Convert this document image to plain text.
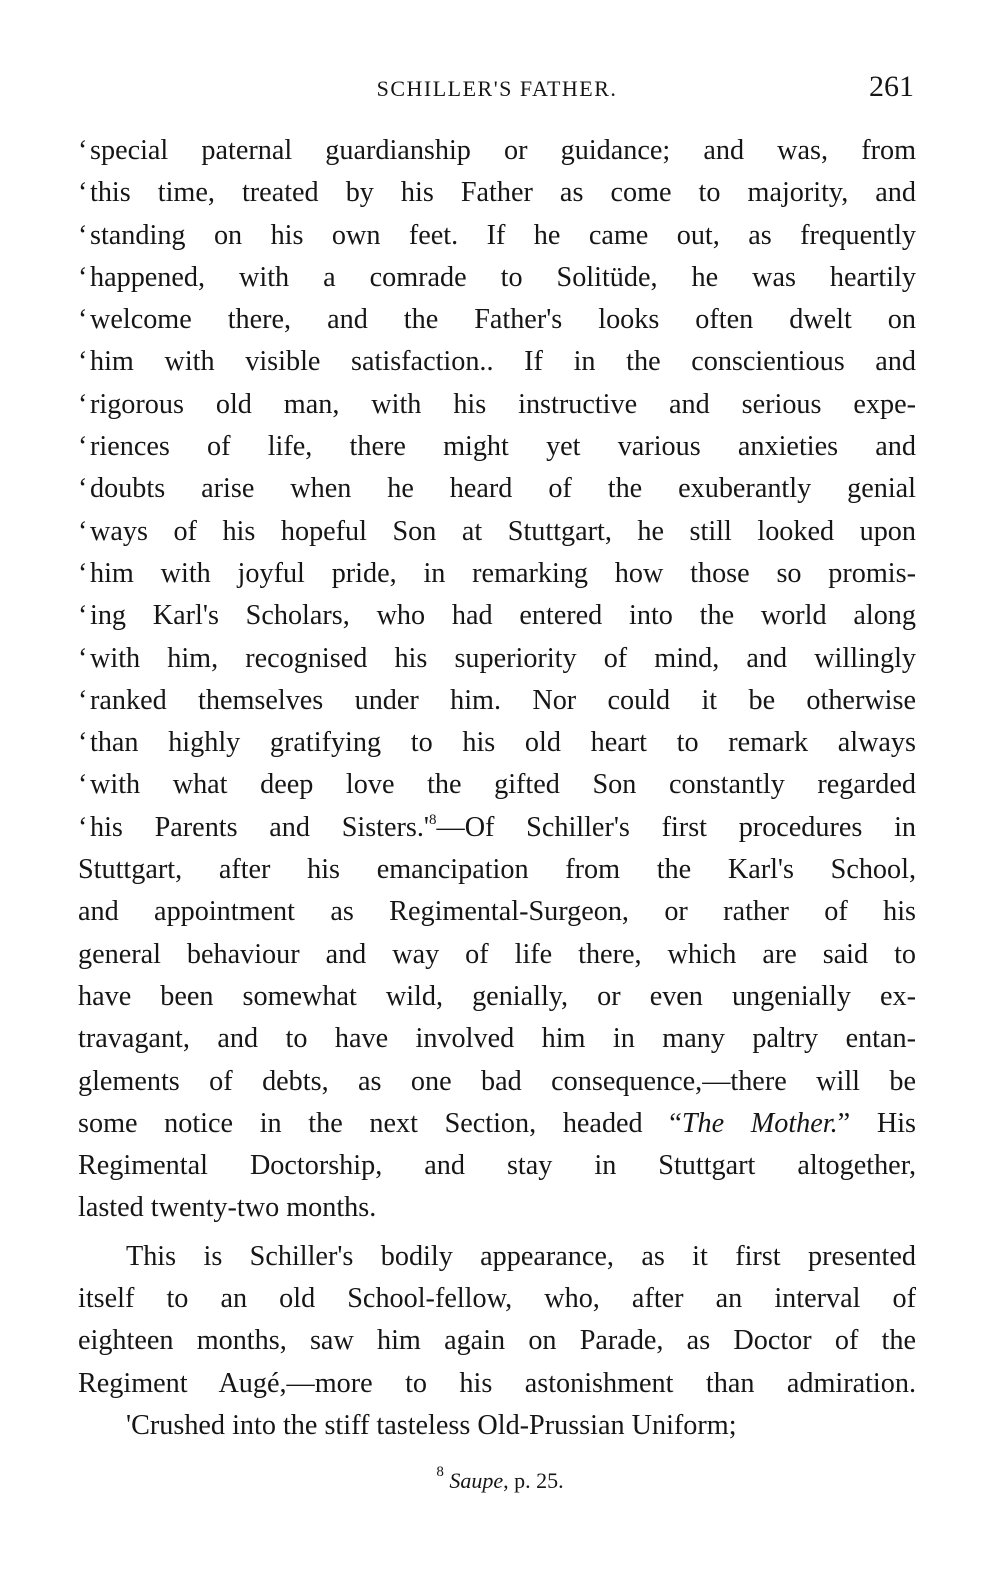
SCHILLER'S FATHER.	261
‘special paternal guardianship or guidance; and was, from
‘this time, treated by his Father as come to majority, and
‘standing on his own feet. If he came out, as frequently
‘happened, with a comrade to Solitüde, he was heartily
‘welcome there, and the Father's looks often dwelt on
‘him with visible satisfaction.. If in the conscientious and
‘rigorous old man, with his instructive and serious expe-
‘riences of life, there might yet various anxieties and
‘doubts arise when he heard of the exuberantly genial
‘ways of his hopeful Son at Stuttgart, he still looked upon
‘him with joyful pride, in remarking how those so promis-
‘ing Karl's Scholars, who had entered into the world along
‘with him, recognised his superiority of mind, and willingly
‘ranked themselves under him. Nor could it be otherwise
‘than highly gratifying to his old heart to remark always
‘with what deep love the gifted Son constantly regarded
‘his Parents and $Sisters.'^8—Of$ Schiller's first procedures in
Stuttgart, after his emancipation from the Karl's School,
and appointment as Regimental-Surgeon, or rather of his
general behaviour and way of life there, which are said to
have been somewhat wild, genially, or even ungenially ex-
travagant, and to have involved him in many paltry entan-
glements of debts, as one bad consequence,—there will be
some notice in the next Section, headed “The Mother.” His
Regimental Doctorship, and stay in Stuttgart altogether,
lasted twenty-two months.
This is Schiller's bodily appearance, as it first presented
itself to an old School-fellow, who, after an interval of
eighteen months, saw him again on Parade, as Doctor of the
Regiment Augé,—more to his astonishment than admiration.
'Crushed into the stiff tasteless Old-Prussian Uniform;
$^8$ Saupe, p. 25.
